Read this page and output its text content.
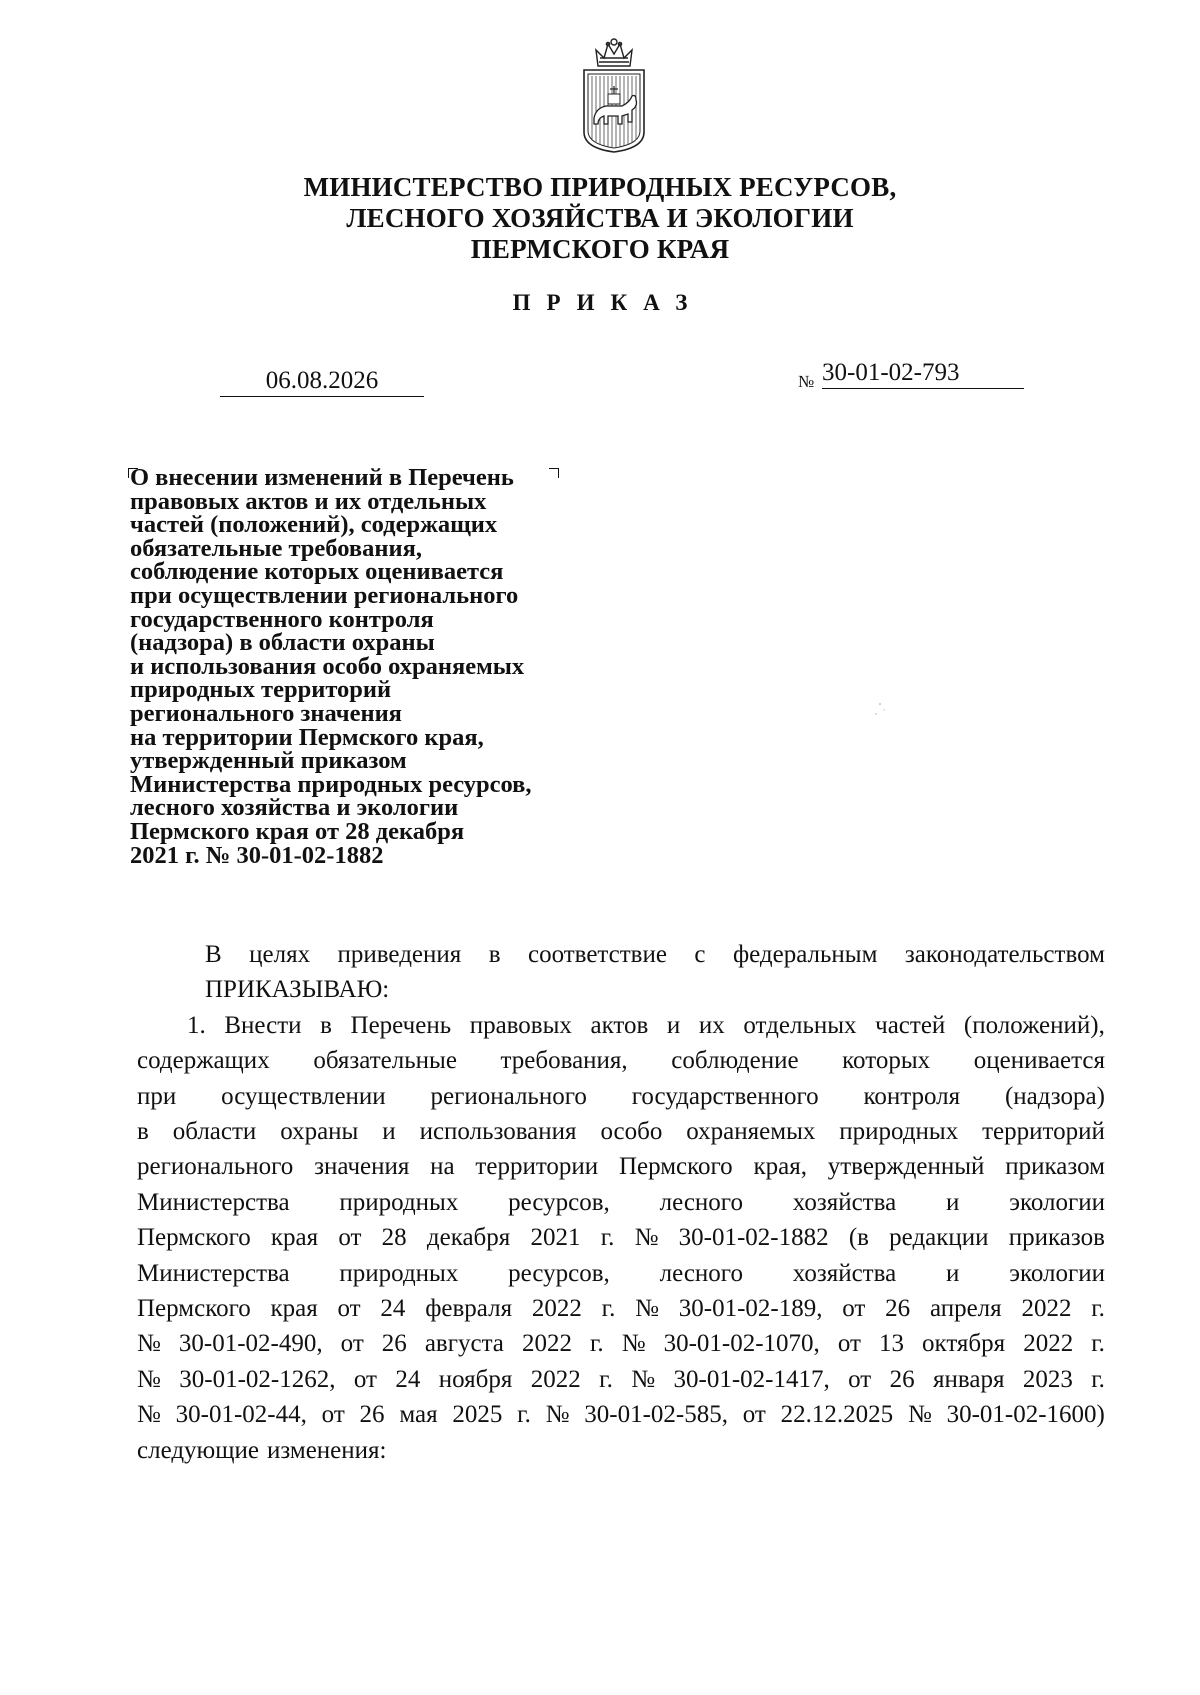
МИНИСТЕРСТВО ПРИРОДНЫХ РЕСУРСОВ,
ЛЕСНОГО ХОЗЯЙСТВА И ЭКОЛОГИИ
ПЕРМСКОГО КРАЯ
ПРИКАЗ
06.08.2026	№ 30-01-02-793
О внесении изменений в Перечень
правовых актов и их отдельных
частей (положений), содержащих
обязательные требования,
соблюдение которых оценивается
при осуществлении регионального
государственного контроля
(надзора) в области охраны
и использования особо охраняемых
природных территорий
регионального значения
на территории Пермского края,
утвержденный приказом
Министерства природных ресурсов,
лесного хозяйства и экологии
Пермского края от 28 декабря
2021 г. № 30-01-02-1882
В целях приведения в соответствие с федеральным законодательством
ПРИКАЗЫВАЮ:
1. Внести в Перечень правовых актов и их отдельных частей (положений),
содержащих обязательные требования, соблюдение которых оценивается
при осуществлении регионального государственного контроля (надзора)
в области охраны и использования особо охраняемых природных территорий
регионального значения на территории Пермского края, утвержденный приказом
Министерства природных ресурсов, лесного хозяйства и экологии
Пермского края от 28 декабря 2021 г. № 30-01-02-1882 (в редакции приказов
Министерства природных ресурсов, лесного хозяйства и экологии
Пермского края от 24 февраля 2022 г. № 30-01-02-189, от 26 апреля 2022 г.
№ 30-01-02-490, от 26 августа 2022 г. № 30-01-02-1070, от 13 октября 2022 г.
№ 30-01-02-1262, от 24 ноября 2022 г. № 30-01-02-1417, от 26 января 2023 г.
№ 30-01-02-44, от 26 мая 2025 г. № 30-01-02-585, от 22.12.2025 № 30-01-02-1600)
следующие изменения:
